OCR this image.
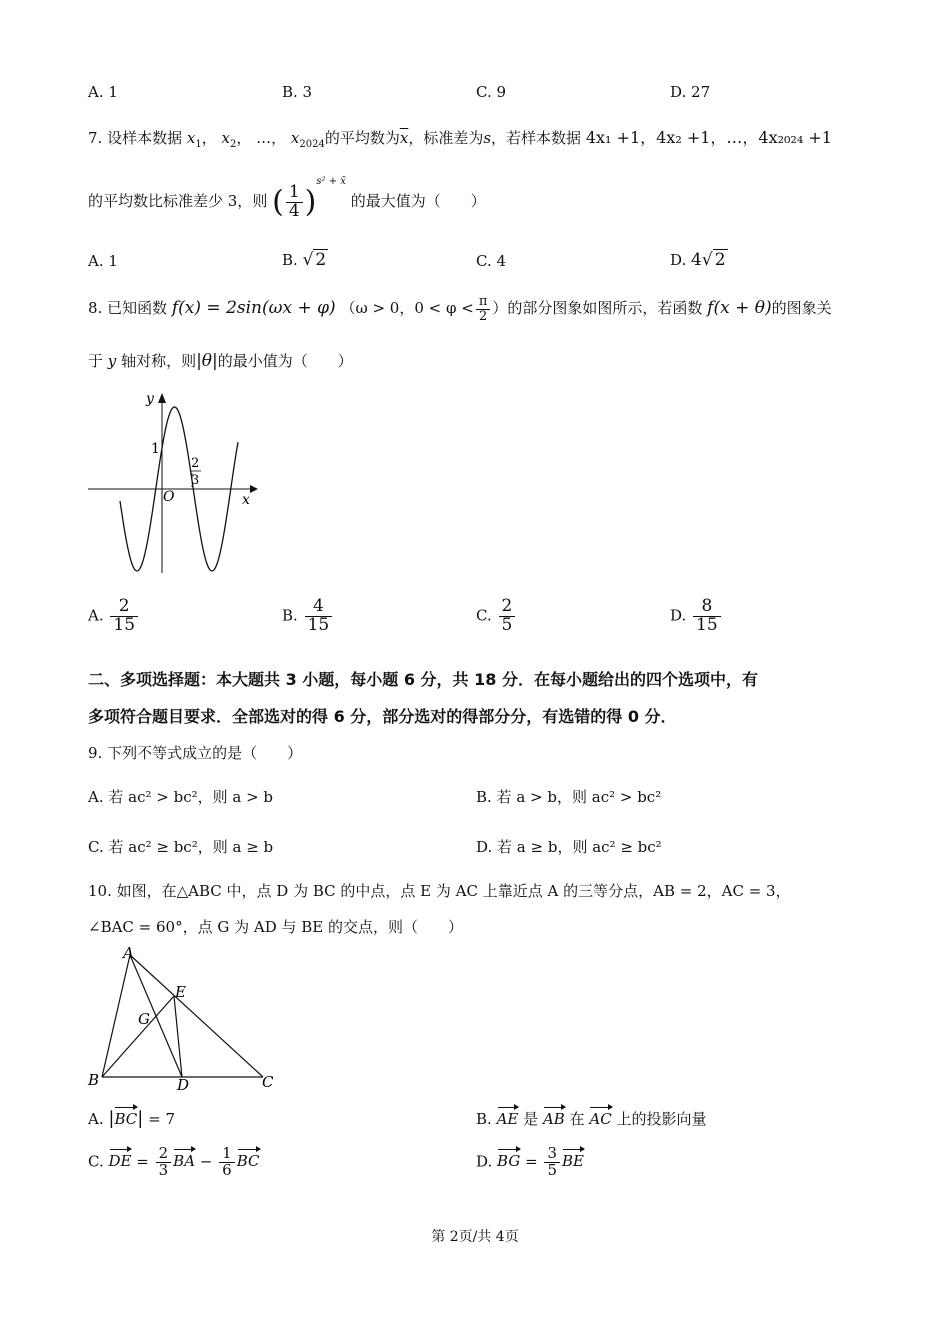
A. 1	B. 3	C. 9	D. 27
7. 设样本数据 $x_1$， $x_2$， …， $x_{2024}$的平均数为$\overline{x}$，标准差为s，若样本数据 4x₁ +1，4x₂ +1，…，4x₂₀₂₄ +1
的平均数比标准差少 3，则 ( $\frac{1}{4} )^{s^2 + x̄}$ 的最大值为（　　）
A. 1	B. √ 2	C. 4	D. 4√ 2
8. 已知函数 f(x) = 2sin(ωx + φ) （ω > 0，$0 < \varphi < \frac{\pi}{2}$ ）的部分图象如图所示，若函数 f(x + θ)的图象关
于 y 轴对称，则|θ|的最小值为（　　）
y
x
O
1
2
3
A. $\frac{2}{15}$	B. $\frac{4}{15}$	C. $\frac{2}{5}$	D. $\frac{8}{15}$
二、多项选择题：本大题共 3 小题，每小题 6 分，共 18 分．在每小题给出的四个选项中，有
多项符合题目要求．全部选对的得 6 分，部分选对的得部分分，有选错的得 0 分．
9. 下列不等式成立的是（　　）
A. 若 ac² > bc²，则 a > b	B. 若 a > b，则 ac² > bc²
C. 若 ac² ≥ bc²，则 a ≥ b	D. 若 a ≥ b，则 ac² ≥ bc²
10. 如图，在△ABC 中，点 D 为 BC 的中点，点 E 为 AC 上靠近点 A 的三等分点，AB = 2，AC = 3，
∠BAC = 60°，点 G 为 AD 与 BE 的交点，则（　　）
A
B	C
D
E
G
A. |BC| = 7	B. AE 是 AB 在 AC 上的投影向量
C. DE = $\frac{2}{3}$ BA − $\frac{1}{6}$ BC	D. BG = $\frac{3}{5}$ BE
第 2页/共 4页
